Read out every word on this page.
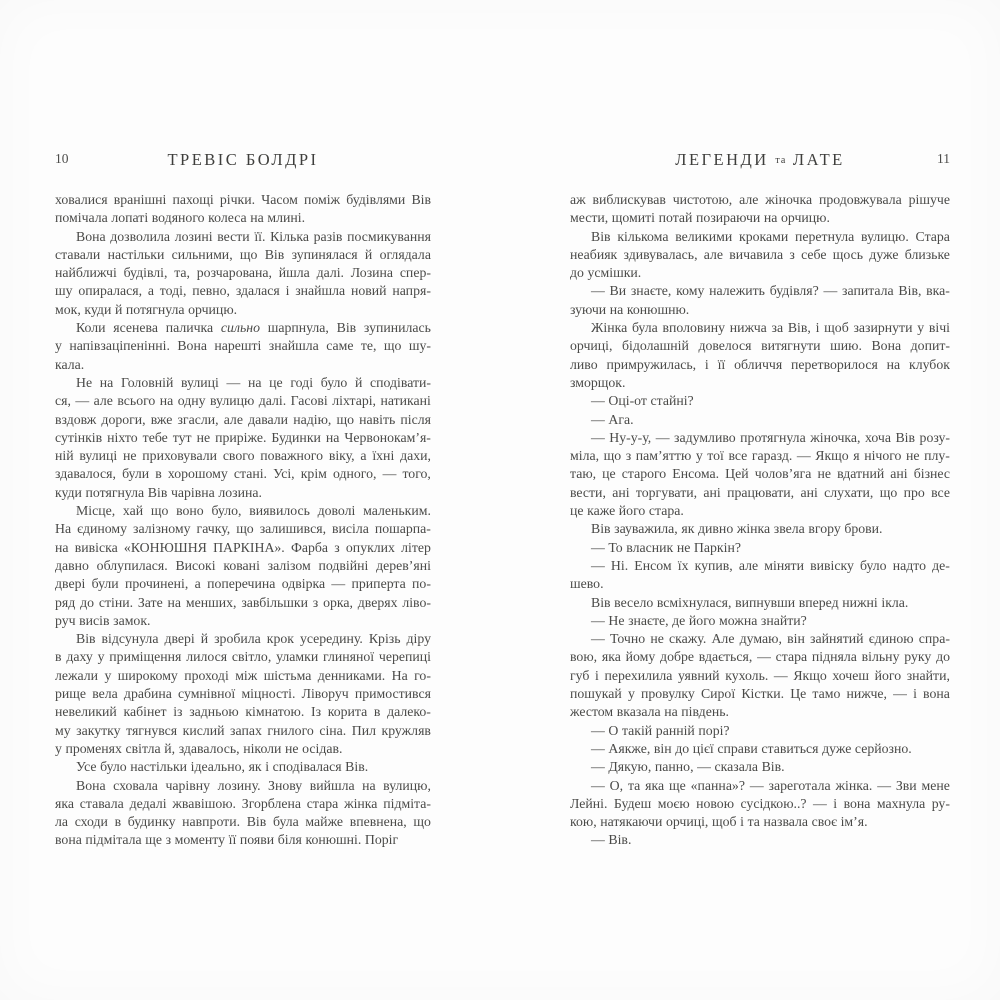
10	ТРЕВІС БОЛДРІ
ховалися вранішні пахощі річки. Часом поміж будівлями Вів
помічала лопаті водяного колеса на млині.
Вона дозволила лозині вести її. Кілька разів посмикування
ставали настільки сильними, що Вів зупинялася й оглядала
найближчі будівлі, та, розчарована, йшла далі. Лозина спер-
шу опиралася, а тоді, певно, здалася і знайшла новий напря-
мок, куди й потягнула орчицю.
Коли ясенева паличка сильно шарпнула, Вів зупинилась
у напівзаціпенінні. Вона нарешті знайшла саме те, що шу-
кала.
Не на Головній вулиці — на це годі було й сподівати-
ся, — але всього на одну вулицю далі. Гасові ліхтарі, натикані
вздовж дороги, вже згасли, але давали надію, що навіть після
сутінків ніхто тебе тут не приріже. Будинки на Червонокам’я-
ній вулиці не приховували свого поважного віку, а їхні дахи,
здавалося, були в хорошому стані. Усі, крім одного, — того,
куди потягнула Вів чарівна лозина.
Місце, хай що воно було, виявилось доволі маленьким.
На єдиному залізному гачку, що залишився, висіла пошарпа-
на вивіска «КОНЮШНЯ ПАРКІНА». Фарба з опуклих літер
давно облупилася. Високі ковані залізом подвійні дерев’яні
двері були прочинені, а поперечина одвірка — приперта по-
ряд до стіни. Зате на менших, завбільшки з орка, дверях ліво-
руч висів замок.
Вів відсунула двері й зробила крок усередину. Крізь діру
в даху у приміщення лилося світло, уламки глиняної черепиці
лежали у широкому проході між шістьма денниками. На го-
рище вела драбина сумнівної міцності. Ліворуч примостився
невеликий кабінет із задньою кімнатою. Із корита в далеко-
му закутку тягнувся кислий запах гнилого сіна. Пил кружляв
у променях світла й, здавалось, ніколи не осідав.
Усе було настільки ідеально, як і сподівалася Вів.
Вона сховала чарівну лозину. Знову вийшла на вулицю,
яка ставала дедалі жвавішою. Згорблена стара жінка підміта-
ла сходи в будинку навпроти. Вів була майже впевнена, що
вона підмітала ще з моменту її появи біля конюшні. Поріг
ЛЕГЕНДИ та ЛАТЕ	11
аж виблискував чистотою, але жіночка продовжувала рішуче
мести, щомиті потай позираючи на орчицю.
Вів кількома великими кроками перетнула вулицю. Стара
неабияк здивувалась, але вичавила з себе щось дуже близьке
до усмішки.
— Ви знаєте, кому належить будівля? — запитала Вів, вка-
зуючи на конюшню.
Жінка була вполовину нижча за Вів, і щоб зазирнути у вічі
орчиці, бідолашній довелося витягнути шию. Вона допит-
ливо примружилась, і її обличчя перетворилося на клубок
зморщок.
— Оці-от стайні?
— Ага.
— Ну-у-у, — задумливо протягнула жіночка, хоча Вів розу-
міла, що з пам’яттю у тої все гаразд. — Якщо я нічого не плу-
таю, це старого Енсома. Цей чолов’яга не вдатний ані бізнес
вести, ані торгувати, ані працювати, ані слухати, що про все
це каже його стара.
Вів зауважила, як дивно жінка звела вгору брови.
— То власник не Паркін?
— Ні. Енсом їх купив, але міняти вивіску було надто де-
шево.
Вів весело всміхнулася, випнувши вперед нижні ікла.
— Не знаєте, де його можна знайти?
— Точно не скажу. Але думаю, він зайнятий єдиною спра-
вою, яка йому добре вдається, — стара підняла вільну руку до
губ і перехилила уявний кухоль. — Якщо хочеш його знайти,
пошукай у провулку Сирої Кістки. Це тамо нижче, — і вона
жестом вказала на південь.
— О такій ранній порі?
— Аякже, він до цієї справи ставиться дуже серйозно.
— Дякую, панно, — сказала Вів.
— О, та яка ще «панна»? — зареготала жінка. — Зви мене
Лейні. Будеш моєю новою сусідкою..? — і вона махнула ру-
кою, натякаючи орчиці, щоб і та назвала своє ім’я.
— Вів.
